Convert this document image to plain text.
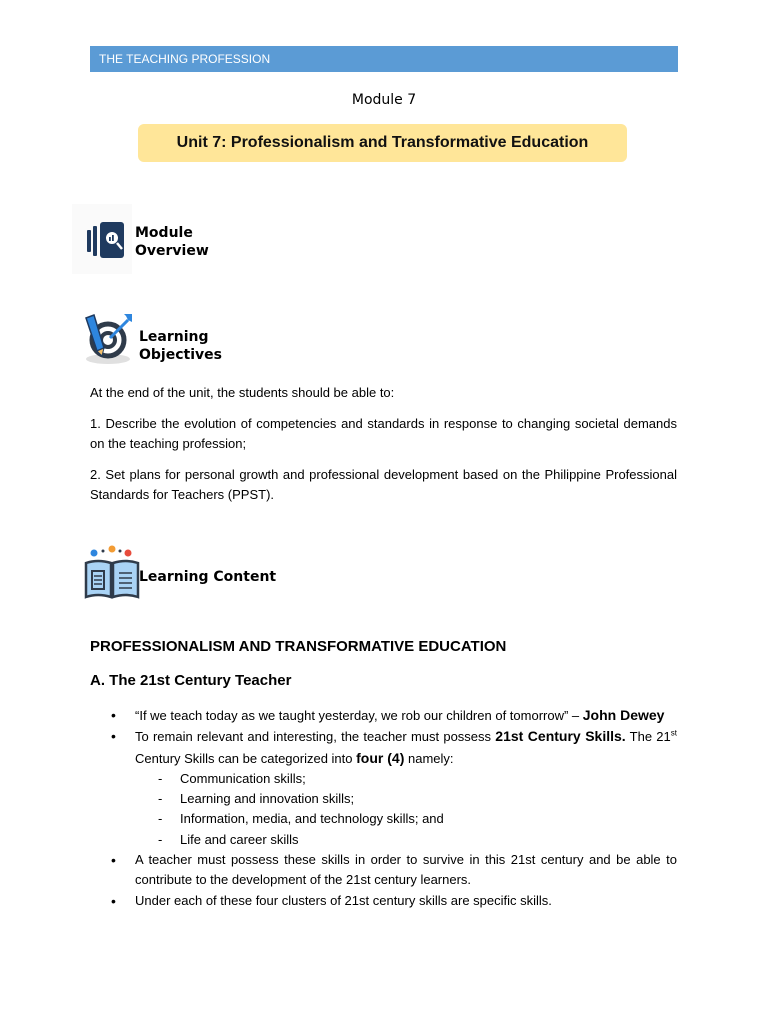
THE TEACHING PROFESSION
Module 7
Unit 7: Professionalism and Transformative Education
Module Overview
Learning Objectives
At the end of the unit, the students should be able to:
1. Describe the evolution of competencies and standards in response to changing societal demands on the teaching profession;
2. Set plans for personal growth and professional development based on the Philippine Professional Standards for Teachers (PPST).
Learning Content
PROFESSIONALISM AND TRANSFORMATIVE EDUCATION
A. The 21st Century Teacher
• “If we teach today as we taught yesterday, we rob our children of tomorrow” – John Dewey
• To remain relevant and interesting, the teacher must possess 21st Century Skills. The 21st Century Skills can be categorized into four (4) namely:
- Communication skills;
- Learning and innovation skills;
- Information, media, and technology skills; and
- Life and career skills
• A teacher must possess these skills in order to survive in this 21st century and be able to contribute to the development of the 21st century learners.
• Under each of these four clusters of 21st century skills are specific skills.
